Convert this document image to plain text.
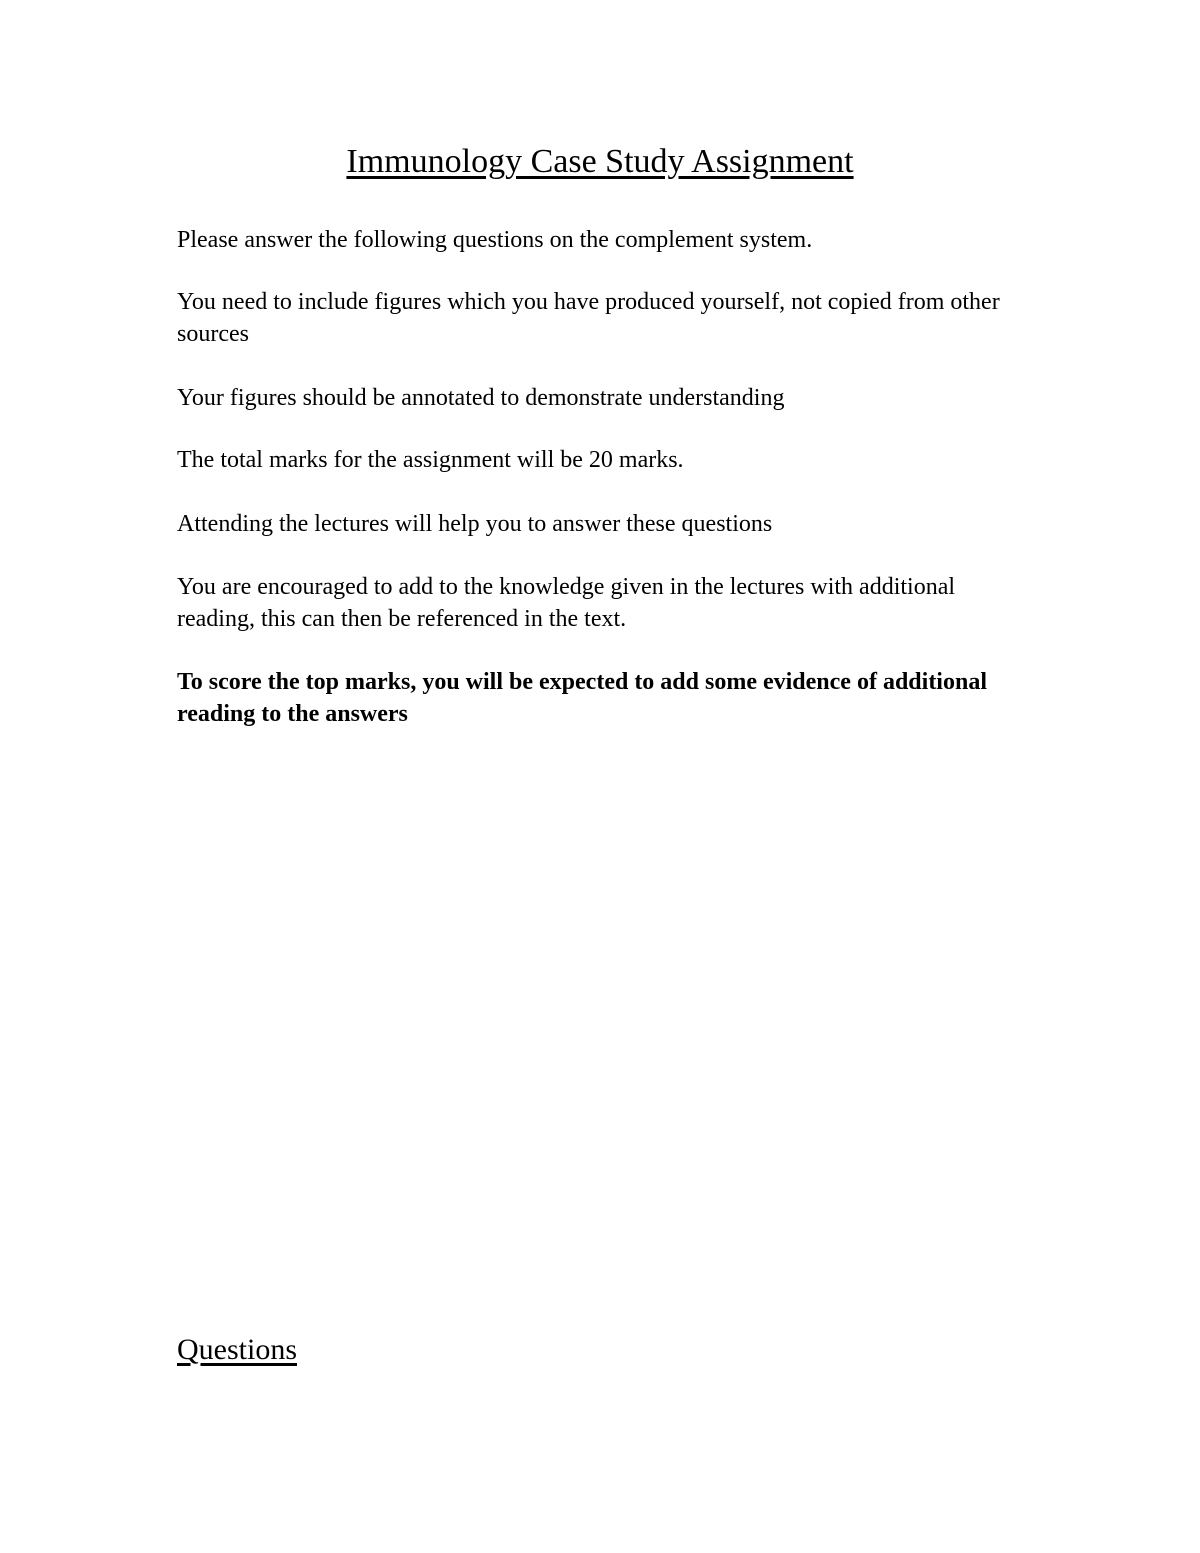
Immunology Case Study Assignment

Please answer the following questions on the complement system.

You need to include figures which you have produced yourself, not copied from other sources

Your figures should be annotated to demonstrate understanding

The total marks for the assignment will be 20 marks.

Attending the lectures will help you to answer these questions

You are encouraged to add to the knowledge given in the lectures with additional reading, this can then be referenced in the text.

To score the top marks, you will be expected to add some evidence of additional reading to the answers

Questions
